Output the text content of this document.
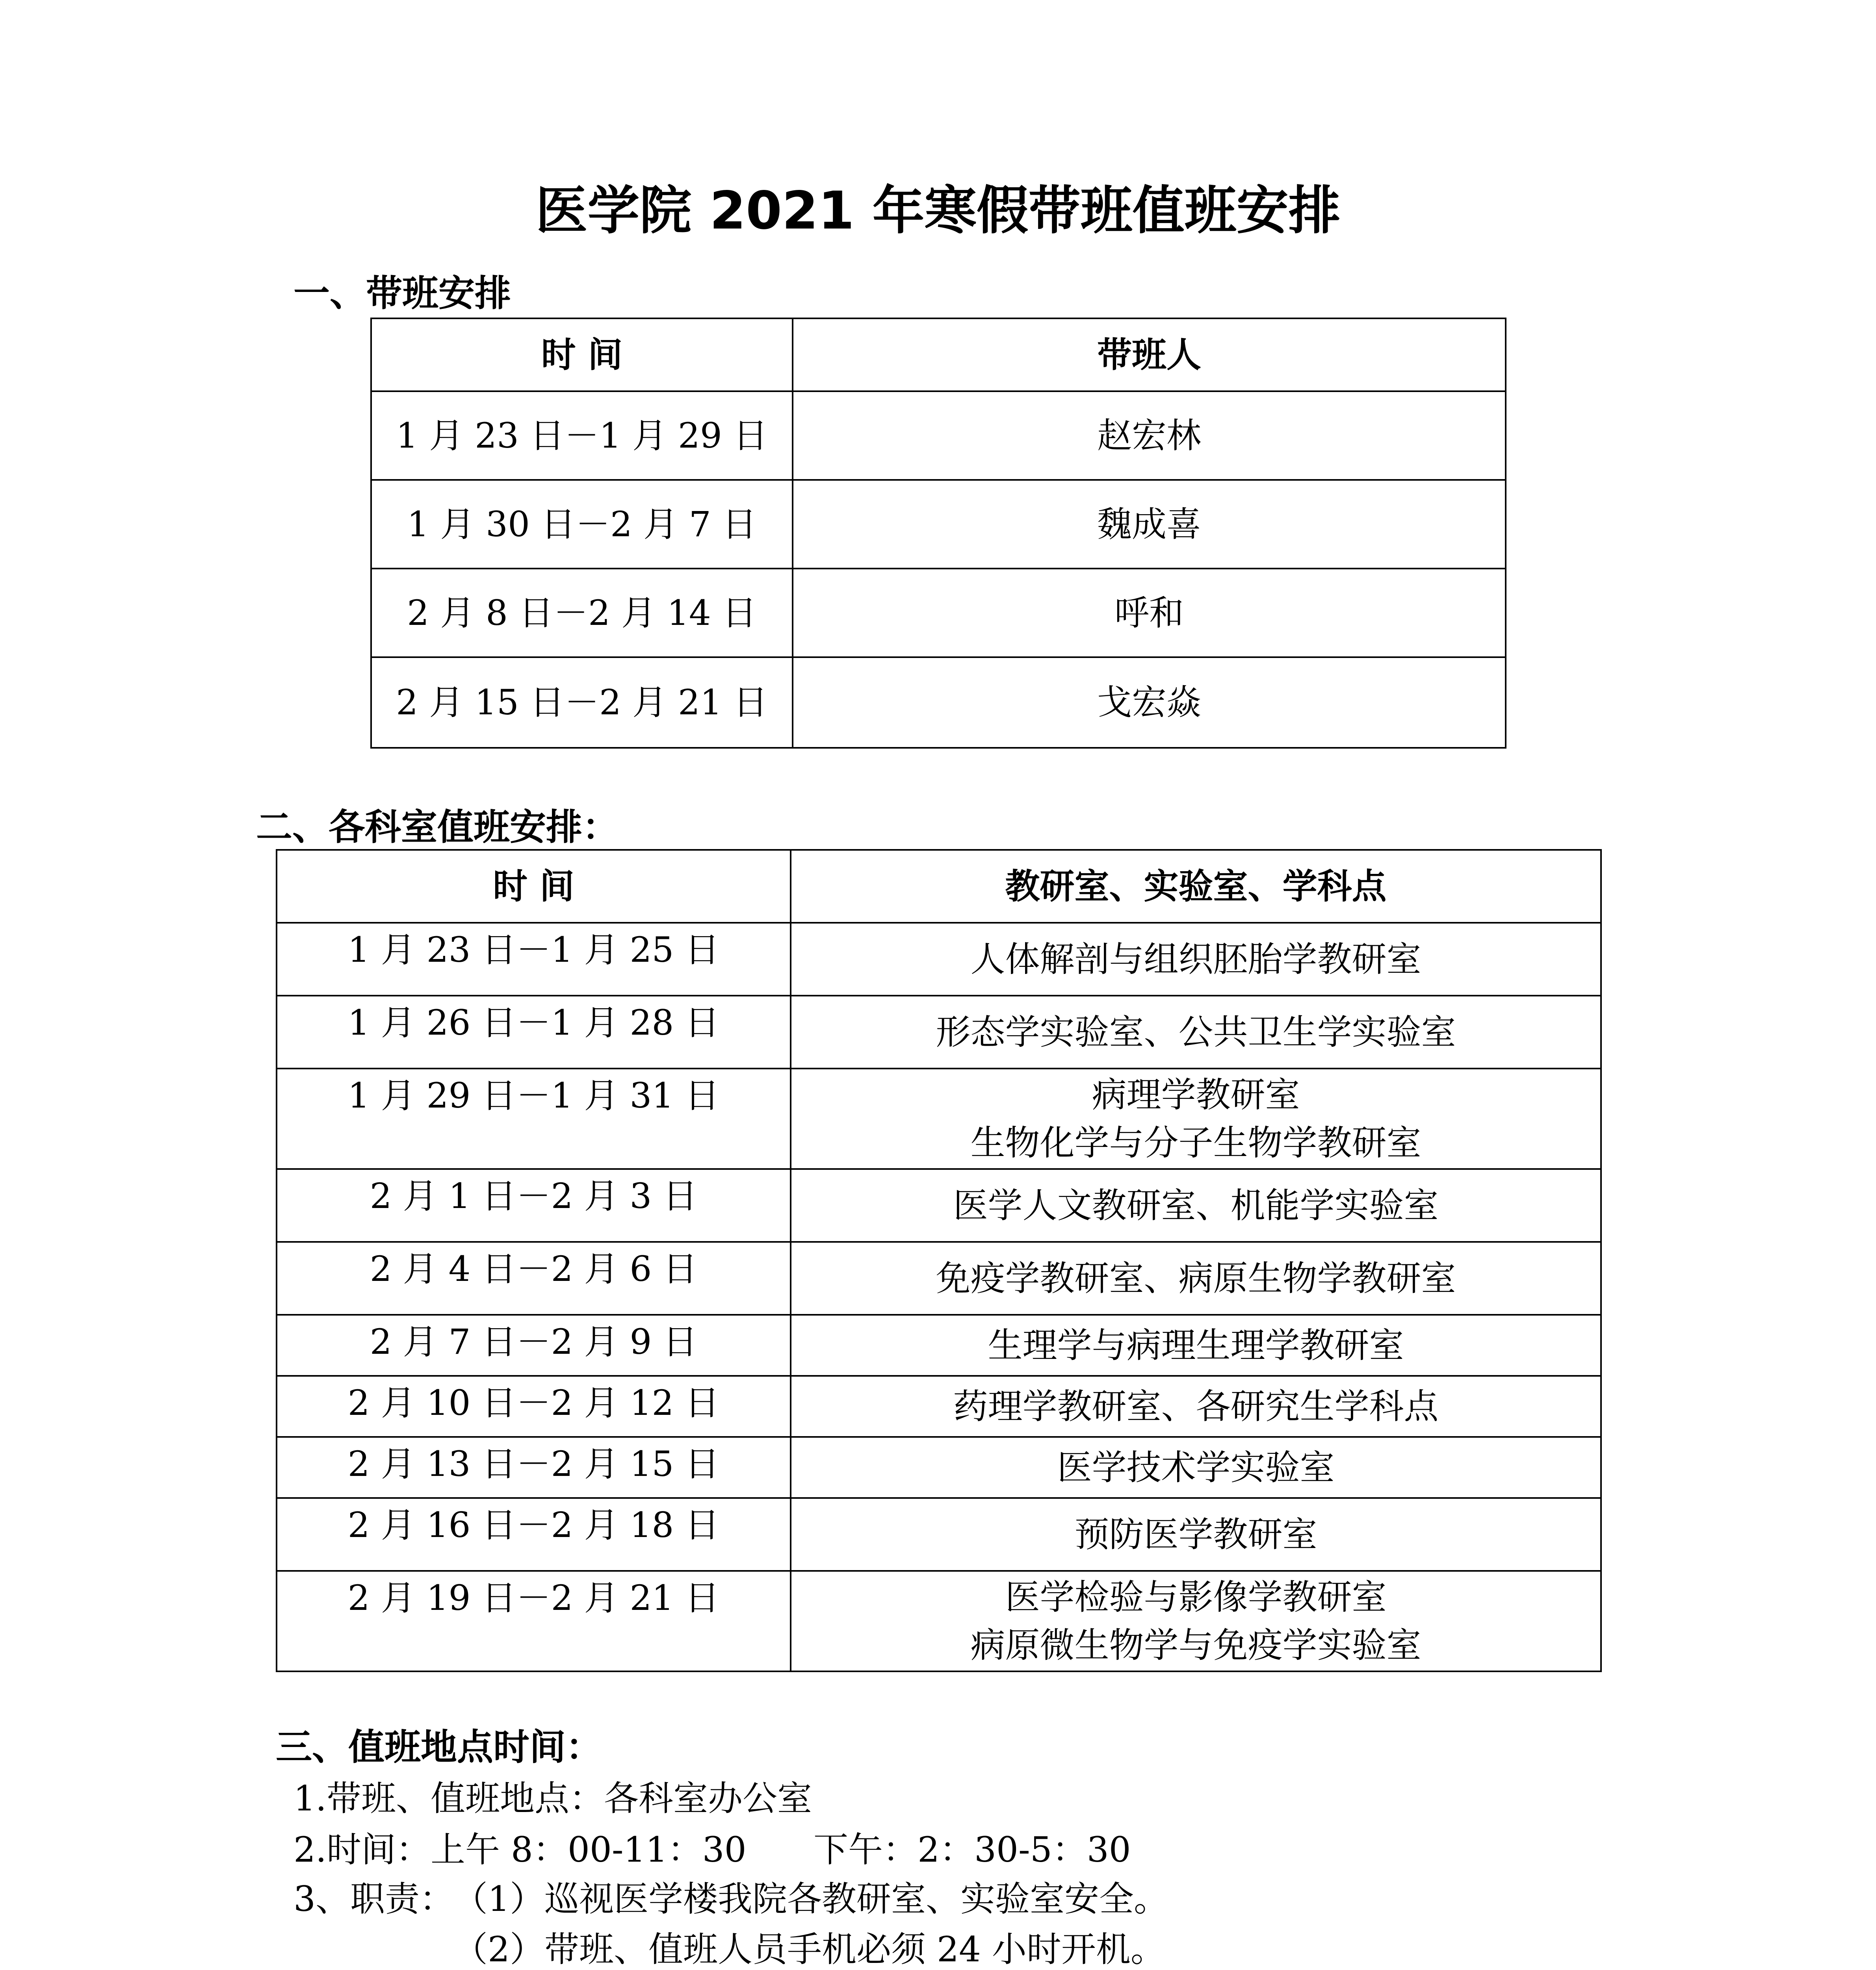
医学院 2021 年寒假带班值班安排
一、带班安排
时 间	带班人
1 月 23 日－1 月 29 日	赵宏林
1 月 30 日－2 月 7 日	魏成喜
2 月 8 日－2 月 14 日	呼和
2 月 15 日－2 月 21 日	戈宏焱
二、各科室值班安排：
时 间	教研室、实验室、学科点
1 月 23 日－1 月 25 日	人体解剖与组织胚胎学教研室

1 月 26 日－1 月 28 日	形态学实验室、公共卫生学实验室

1 月 29 日－1 月 31 日	病理学教研室
生物化学与分子生物学教研室

2 月 1 日－2 月 3 日	医学人文教研室、机能学实验室

2 月 4 日－2 月 6 日	免疫学教研室、病原生物学教研室

2 月 7 日－2 月 9 日	生理学与病理生理学教研室

2 月 10 日－2 月 12 日	药理学教研室、各研究生学科点

2 月 13 日－2 月 15 日	医学技术学实验室

2 月 16 日－2 月 18 日	预防医学教研室

2 月 19 日－2 月 21 日	医学检验与影像学教研室
病原微生物学与免疫学实验室
三、值班地点时间：
1.带班、值班地点：各科室办公室
2.时间：上午 8：00-11：30 下午：2：30-5：30
3、职责：
（1）巡视医学楼我院各教研室、实验室安全。
（2）带班、值班人员手机必须 24 小时开机。
